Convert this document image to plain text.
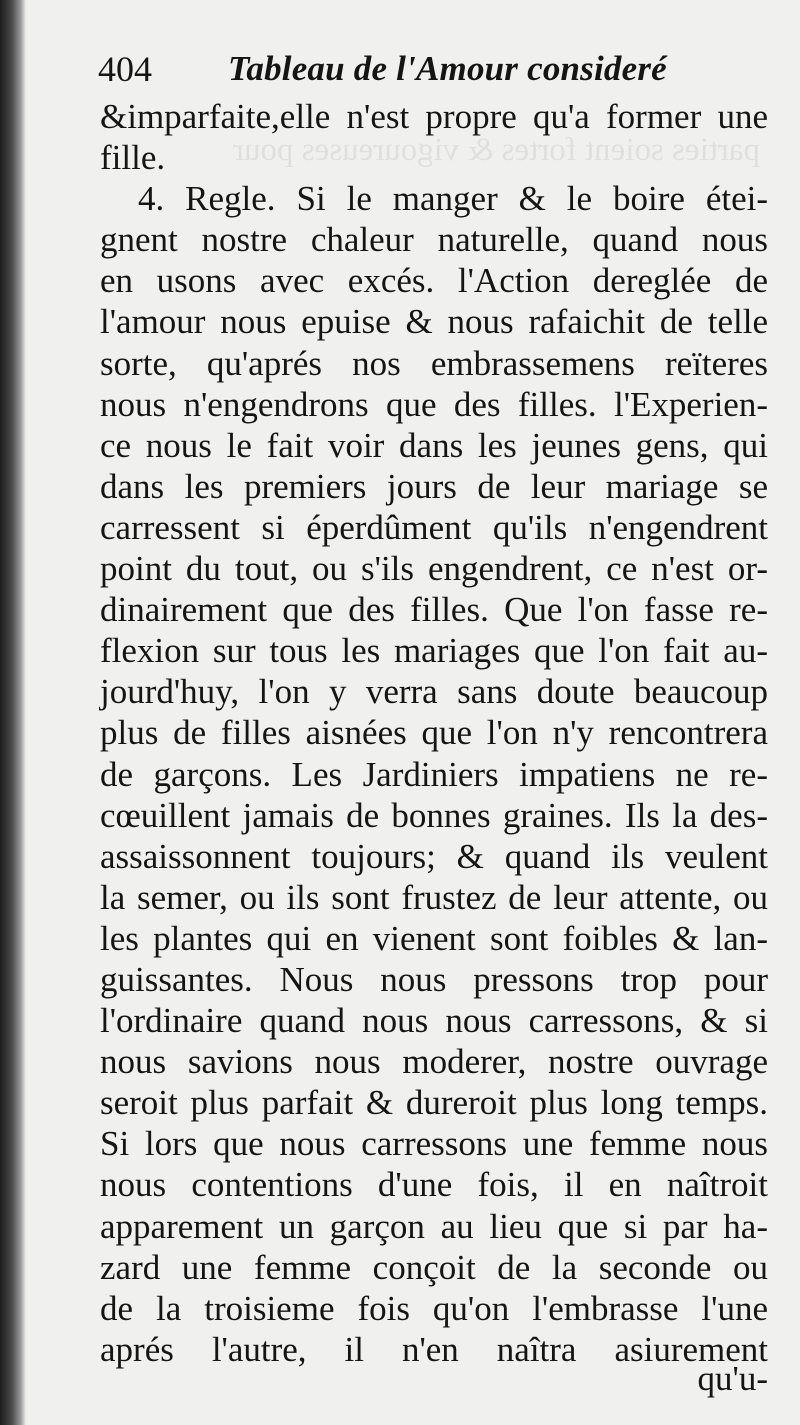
parties soient fortes & vigoureuses pour
404 Tableau de l'Amour consideré
&imparfaite,elle n'est propre qu'a former une
fille.
4. Regle. Si le manger & le boire étei-
gnent nostre chaleur naturelle, quand nous
en usons avec excés. l'Action dereglée de
l'amour nous epuise & nous rafaichit de telle
sorte, qu'aprés nos embrassemens reïteres
nous n'engendrons que des filles. l'Experien-
ce nous le fait voir dans les jeunes gens, qui
dans les premiers jours de leur mariage se
carressent si éperdûment qu'ils n'engendrent
point du tout, ou s'ils engendrent, ce n'est or-
dinairement que des filles. Que l'on fasse re-
flexion sur tous les mariages que l'on fait au-
jourd'huy, l'on y verra sans doute beaucoup
plus de filles aisnées que l'on n'y rencontrera
de garçons. Les Jardiniers impatiens ne re-
cœuillent jamais de bonnes graines. Ils la des-
assaissonnent toujours; & quand ils veulent
la semer, ou ils sont frustez de leur attente, ou
les plantes qui en vienent sont foibles & lan-
guissantes. Nous nous pressons trop pour
l'ordinaire quand nous nous carressons, & si
nous savions nous moderer, nostre ouvrage
seroit plus parfait & dureroit plus long temps.
Si lors que nous carressons une femme nous
nous contentions d'une fois, il en naîtroit
apparement un garçon au lieu que si par ha-
zard une femme conçoit de la seconde ou
de la troisieme fois qu'on l'embrasse l'une
aprés l'autre, il n'en naîtra asiurement
qu'u-
